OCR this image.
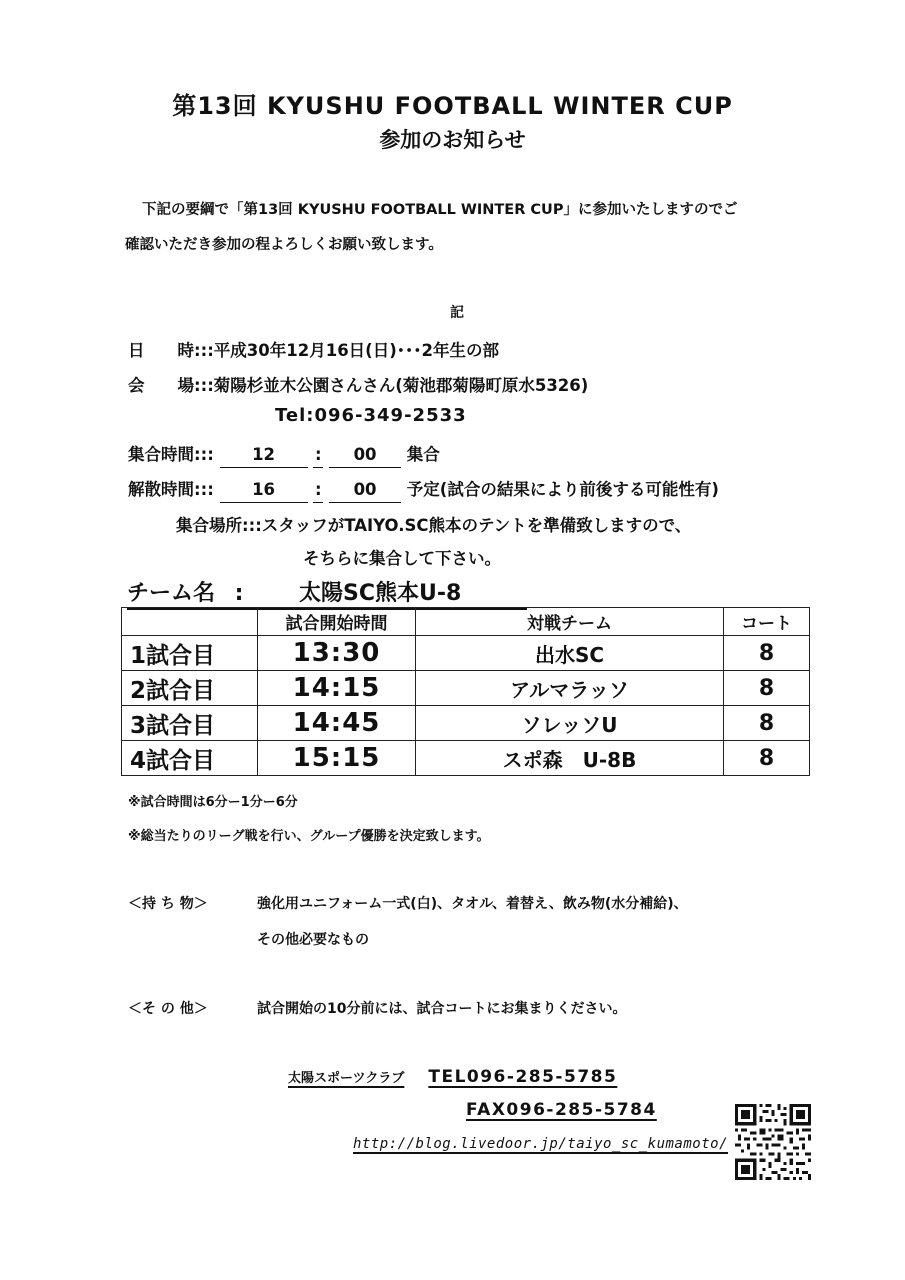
第13回 KYUSHU FOOTBALL WINTER CUP
参加のお知らせ
下記の要綱で「第13回 KYUSHU FOOTBALL WINTER CUP」に参加いたしますのでご
確認いただき参加の程よろしくお願い致します。
記
日　　時:::平成30年12月16日(日)･･･2年生の部
会　　場:::菊陽杉並木公園さんさん(菊池郡菊陽町原水5326)
Tel:096-349-2533
集合時間::: 12 : 00 集合
解散時間::: 16 : 00 予定(試合の結果により前後する可能性有)
集合場所:::スタッフがTAIYO.SC熊本のテントを準備致しますので、
そちらに集合して下さい。
チーム名 :	太陽SC熊本U-8
	試合開始時間	対戦チーム	コート
1試合目	13:30	出水SC	8
2試合目	14:15	アルマラッソ	8
3試合目	14:45	ソレッソU	8
4試合目	15:15	スポ森　U-8B	8
※試合時間は6分ー1分ー6分
※総当たりのリーグ戦を行い、グループ優勝を決定致します。
＜持 ち 物＞	強化用ユニフォーム一式(白)、タオル、着替え、飲み物(水分補給)、
その他必要なもの
＜そ の 他＞	試合開始の10分前には、試合コートにお集まりください。
太陽スポーツクラブ TEL096-285-5785
FAX096-285-5784
http://blog.livedoor.jp/taiyo_sc_kumamoto/
